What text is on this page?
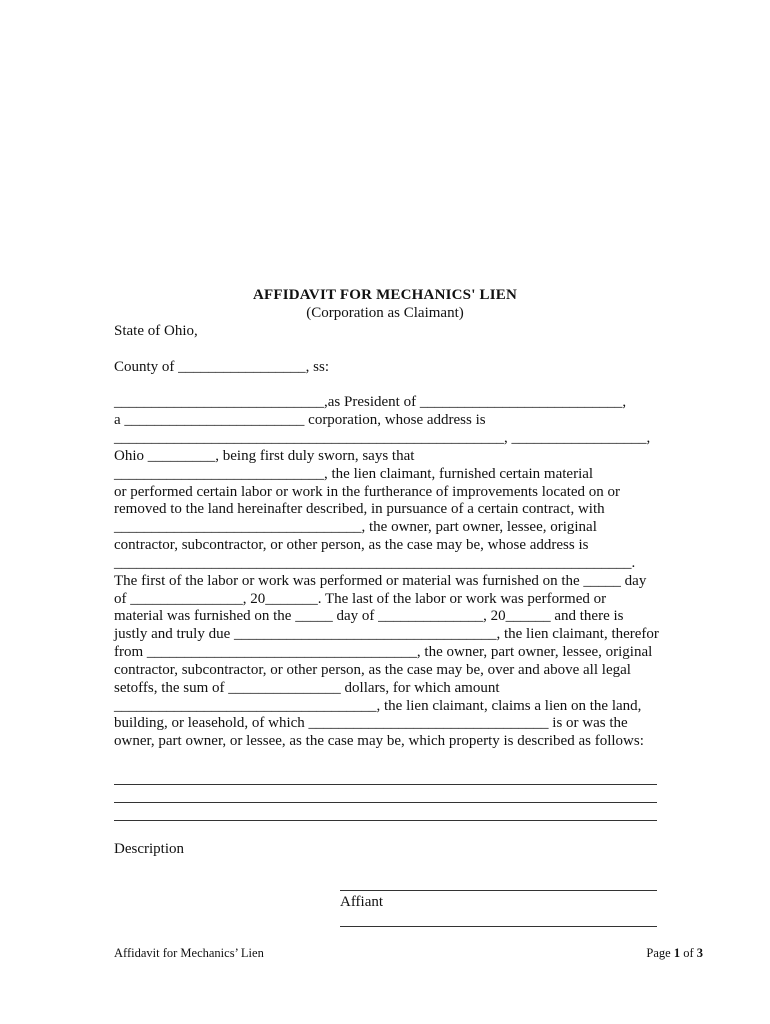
AFFIDAVIT FOR MECHANICS' LIEN
(Corporation as Claimant)
State of Ohio,
County of _________________, ss:
____________________________,as President of ___________________________,
a ________________________ corporation, whose address is
____________________________________________________, __________________,
Ohio _________, being first duly sworn, says that
____________________________, the lien claimant, furnished certain material
or performed certain labor or work in the furtherance of improvements located on or
removed to the land hereinafter described, in pursuance of a certain contract, with
_________________________________, the owner, part owner, lessee, original
contractor, subcontractor, or other person, as the case may be, whose address is
_____________________________________________________________________.
The first of the labor or work was performed or material was furnished on the _____ day
of _______________, 20_______. The last of the labor or work was performed or
material was furnished on the _____ day of ______________, 20______ and there is
justly and truly due ___________________________________, the lien claimant, therefor
from ____________________________________, the owner, part owner, lessee, original
contractor, subcontractor, or other person, as the case may be, over and above all legal
setoffs, the sum of _______________ dollars, for which amount
___________________________________, the lien claimant, claims a lien on the land,
building, or leasehold, of which ________________________________ is or was the
owner, part owner, or lessee, as the case may be, which property is described as follows:
Description
Affiant
Affidavit for Mechanics’ Lien	Page 1 of 3
